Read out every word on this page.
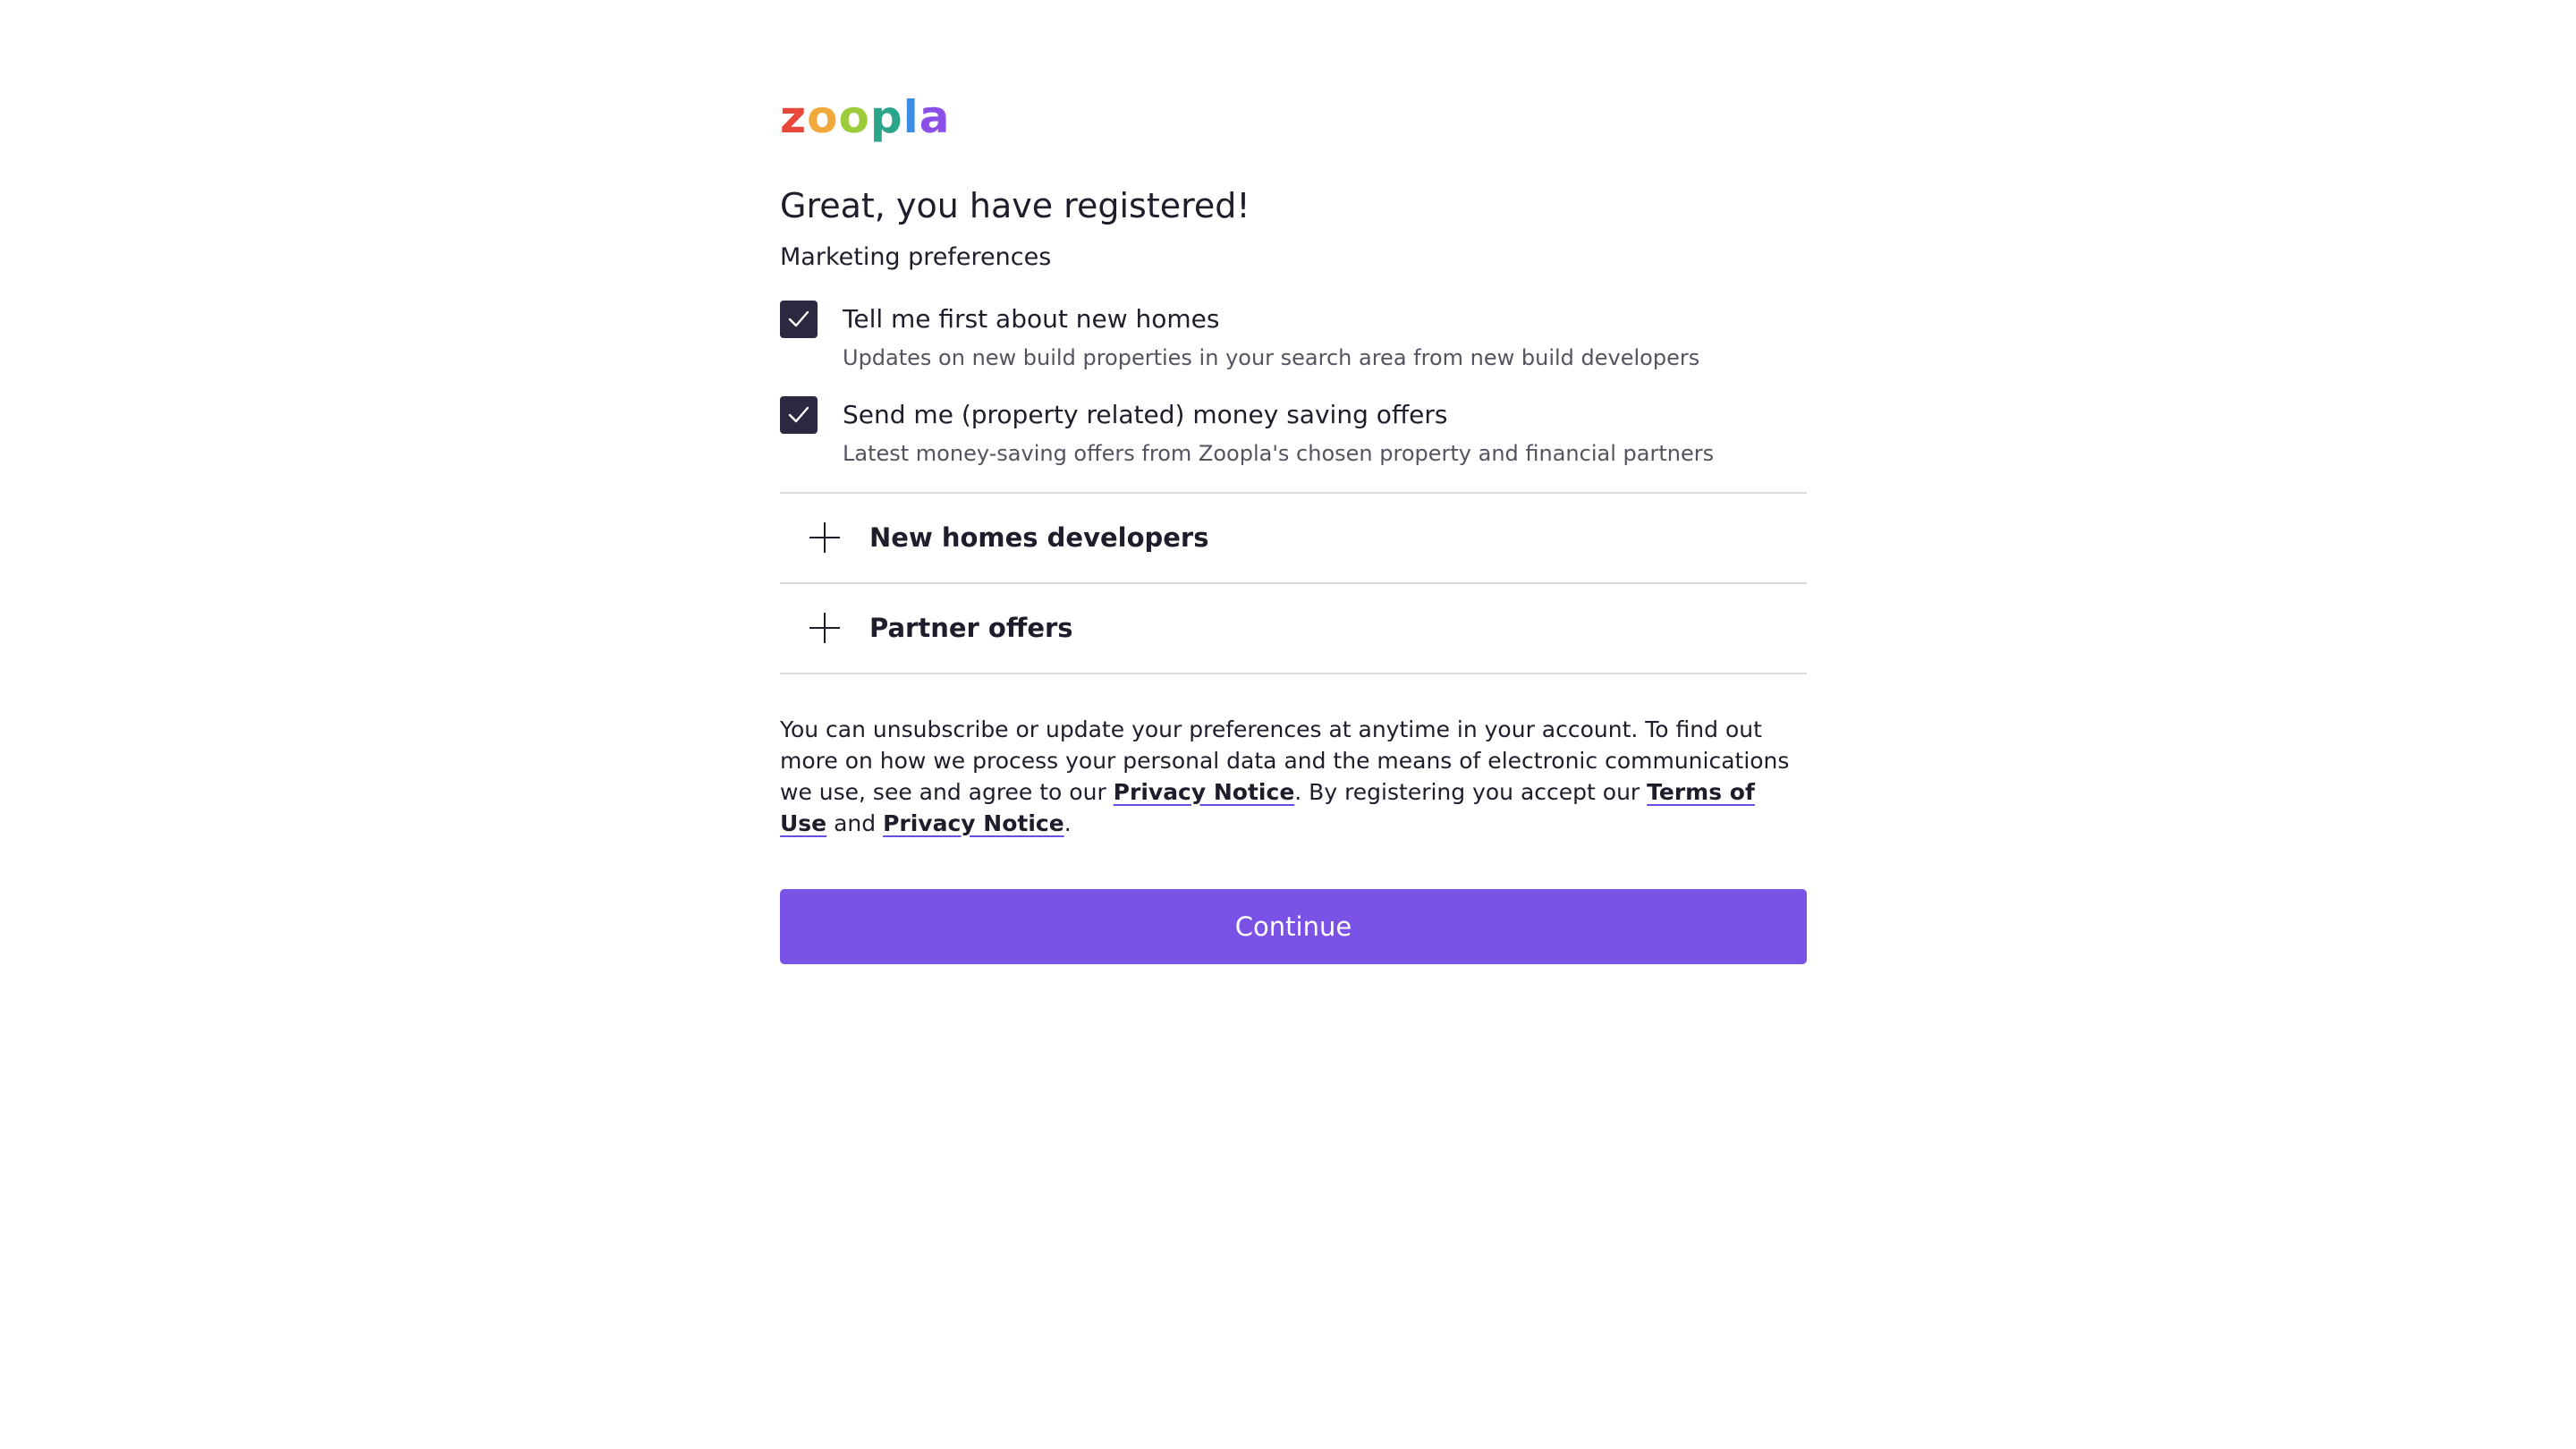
z o o p l a
Great, you have registered!
Marketing preferences
Tell me first about new homes
Updates on new build properties in your search area from new build developers
Send me (property related) money saving offers
Latest money-saving offers from Zoopla's chosen property and financial partners
New homes developers
Partner offers

You can unsubscribe or update your preferences at anytime in your account. To find out more on how we process your personal data and the means of electronic communications we use, see and agree to our Privacy Notice. By registering you accept our Terms of Use and Privacy Notice.

Continue
